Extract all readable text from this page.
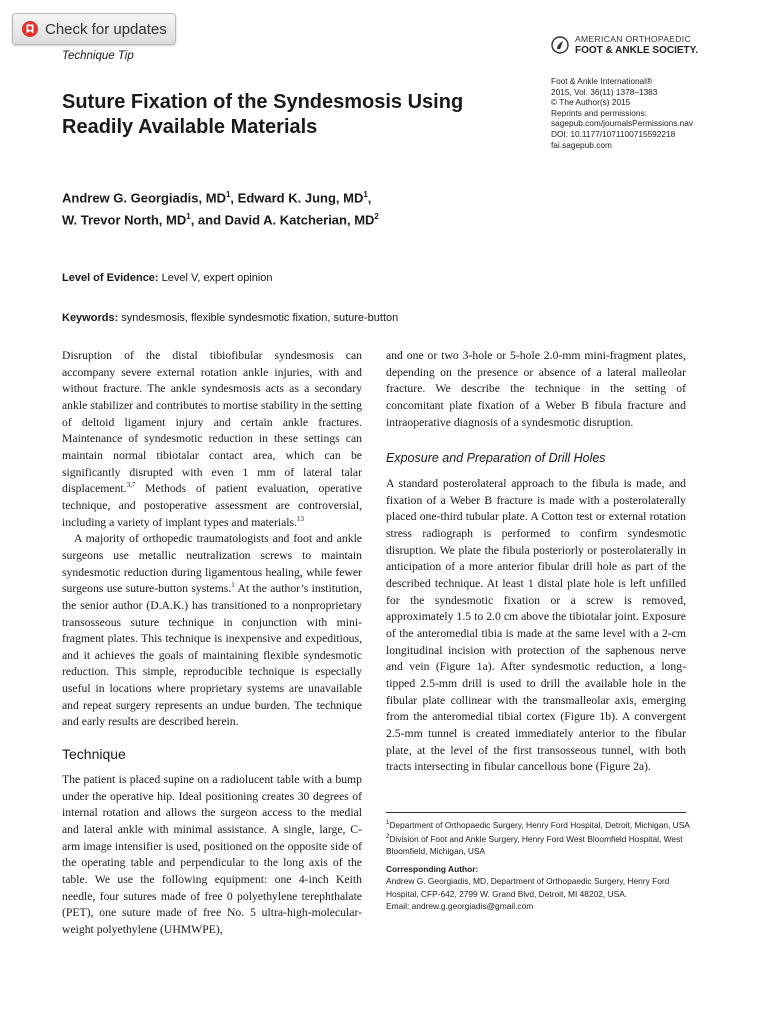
Check for updates
Technique Tip
AMERICAN ORTHOPAEDIC
FOOT & ANKLE SOCIETY.
Foot & Ankle International®
2015, Vol. 36(11) 1378–1383
© The Author(s) 2015
Reprints and permissions:
sagepub.com/journalsPermissions.nav
DOI: 10.1177/1071100715592218
fai.sagepub.com
Suture Fixation of the Syndesmosis Using Readily Available Materials
Andrew G. Georgiadis, $MD^1$, Edward K. Jung, $MD^1$,
W. Trevor North, $MD^1$, and David A. Katcherian, $MD^2$
Level of Evidence: Level V, expert opinion
Keywords: syndesmosis, flexible syndesmotic fixation, suture-button

Disruption of the distal tibiofibular syndesmosis can accompany severe external rotation ankle injuries, with and without fracture. The ankle syndesmosis acts as a secondary ankle stabilizer and contributes to mortise stability in the setting of deltoid ligament injury and certain ankle fractures. Maintenance of syndesmotic reduction in these settings can maintain normal tibiotalar contact area, which can be significantly disrupted with even 1 mm of lateral talar displacement.$^{3,7}$ Methods of patient evaluation, operative technique, and postoperative assessment are controversial, including a variety of implant types and materials.$^{13}$

A majority of orthopedic traumatologists and foot and ankle surgeons use metallic neutralization screws to maintain syndesmotic reduction during ligamentous healing, while fewer surgeons use suture-button systems.$^1$ At the author’s institution, the senior author (D.A.K.) has transitioned to a nonproprietary transosseous suture technique in conjunction with mini-fragment plates. This technique is inexpensive and expeditious, and it achieves the goals of maintaining flexible syndesmotic reduction. This simple, reproducible technique is especially useful in locations where proprietary systems are unavailable and repeat surgery represents an undue burden. The technique and early results are described herein.

Technique

The patient is placed supine on a radiolucent table with a bump under the operative hip. Ideal positioning creates 30 degrees of internal rotation and allows the surgeon access to the medial and lateral ankle with minimal assistance. A single, large, C-arm image intensifier is used, positioned on the opposite side of the operating table and perpendicular to the long axis of the table. We use the following equipment: one 4-inch Keith needle, four sutures made of free 0 polyethylene terephthalate (PET), one suture made of free No. 5 ultra-high-molecular-weight polyethylene (UHMWPE),

and one or two 3-hole or 5-hole 2.0-mm mini-fragment plates, depending on the presence or absence of a lateral malleolar fracture. We describe the technique in the setting of concomitant plate fixation of a Weber B fibula fracture and intraoperative diagnosis of a syndesmotic disruption.

Exposure and Preparation of Drill Holes

A standard posterolateral approach to the fibula is made, and fixation of a Weber B fracture is made with a posterolaterally placed one-third tubular plate. A Cotton test or external rotation stress radiograph is performed to confirm syndesmotic disruption. We plate the fibula posteriorly or posterolaterally in anticipation of a more anterior fibular drill hole as part of the described technique. At least 1 distal plate hole is left unfilled for the syndesmotic fixation or a screw is removed, approximately 1.5 to 2.0 cm above the tibiotalar joint. Exposure of the anteromedial tibia is made at the same level with a 2-cm longitudinal incision with protection of the saphenous nerve and vein (Figure 1a). After syndesmotic reduction, a long-tipped 2.5-mm drill is used to drill the available hole in the fibular plate collinear with the transmalleolar axis, emerging from the anteromedial tibial cortex (Figure 1b). A convergent 2.5-mm tunnel is created immediately anterior to the fibular plate, at the level of the first transosseous tunnel, with both tracts intersecting in fibular cancellous bone (Figure 2a).

$^1$Department of Orthopaedic Surgery, Henry Ford Hospital, Detroit, Michigan, USA
$^2$Division of Foot and Ankle Surgery, Henry Ford West Bloomfield Hospital, West Bloomfield, Michigan, USA
Corresponding Author:
Andrew G. Georgiadis, MD, Department of Orthopaedic Surgery, Henry Ford Hospital, CFP-642, 2799 W. Grand Blvd, Detroit, MI 48202, USA.
Email: andrew.g.georgiadis@gmail.com
